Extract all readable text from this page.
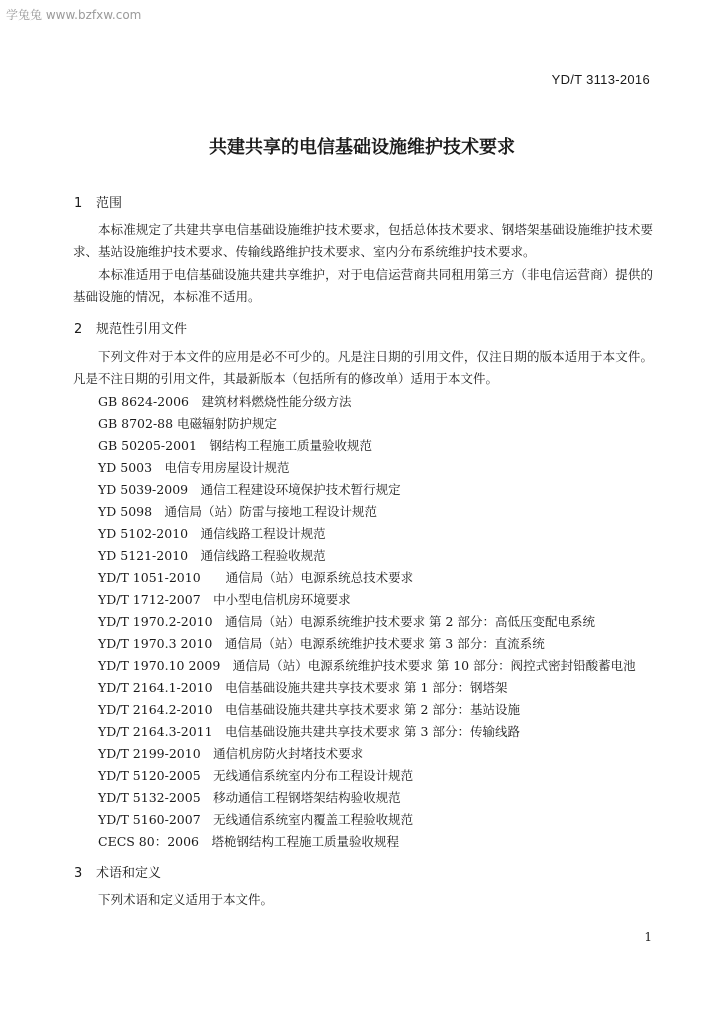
学兔兔 www.bzfxw.com
YD/T 3113-2016
共建共享的电信基础设施维护技术要求
1 范围
本标准规定了共建共享电信基础设施维护技术要求，包括总体技术要求、钢塔架基础设施维护技术要求、基站设施维护技术要求、传输线路维护技术要求、室内分布系统维护技术要求。
本标准适用于电信基础设施共建共享维护，对于电信运营商共同租用第三方（非电信运营商）提供的基础设施的情况，本标准不适用。
2 规范性引用文件
下列文件对于本文件的应用是必不可少的。凡是注日期的引用文件，仅注日期的版本适用于本文件。凡是不注日期的引用文件，其最新版本（包括所有的修改单）适用于本文件。
GB 8624-2006　建筑材料燃烧性能分级方法
GB 8702-88 电磁辐射防护规定
GB 50205-2001　钢结构工程施工质量验收规范
YD 5003　电信专用房屋设计规范
YD 5039-2009　通信工程建设环境保护技术暂行规定
YD 5098　通信局（站）防雷与接地工程设计规范
YD 5102-2010　通信线路工程设计规范
YD 5121-2010　通信线路工程验收规范
YD/T 1051-2010　　通信局（站）电源系统总技术要求
YD/T 1712-2007　中小型电信机房环境要求
YD/T 1970.2-2010　通信局（站）电源系统维护技术要求 第 2 部分：高低压变配电系统
YD/T 1970.3 2010　通信局（站）电源系统维护技术要求 第 3 部分：直流系统
YD/T 1970.10 2009　通信局（站）电源系统维护技术要求 第 10 部分：阀控式密封铅酸蓄电池
YD/T 2164.1-2010　电信基础设施共建共享技术要求 第 1 部分：钢塔架
YD/T 2164.2-2010　电信基础设施共建共享技术要求 第 2 部分：基站设施
YD/T 2164.3-2011　电信基础设施共建共享技术要求 第 3 部分：传输线路
YD/T 2199-2010　通信机房防火封堵技术要求
YD/T 5120-2005　无线通信系统室内分布工程设计规范
YD/T 5132-2005　移动通信工程钢塔架结构验收规范
YD/T 5160-2007　无线通信系统室内覆盖工程验收规范
CECS 80：2006　塔桅钢结构工程施工质量验收规程
3 术语和定义
下列术语和定义适用于本文件。
1
